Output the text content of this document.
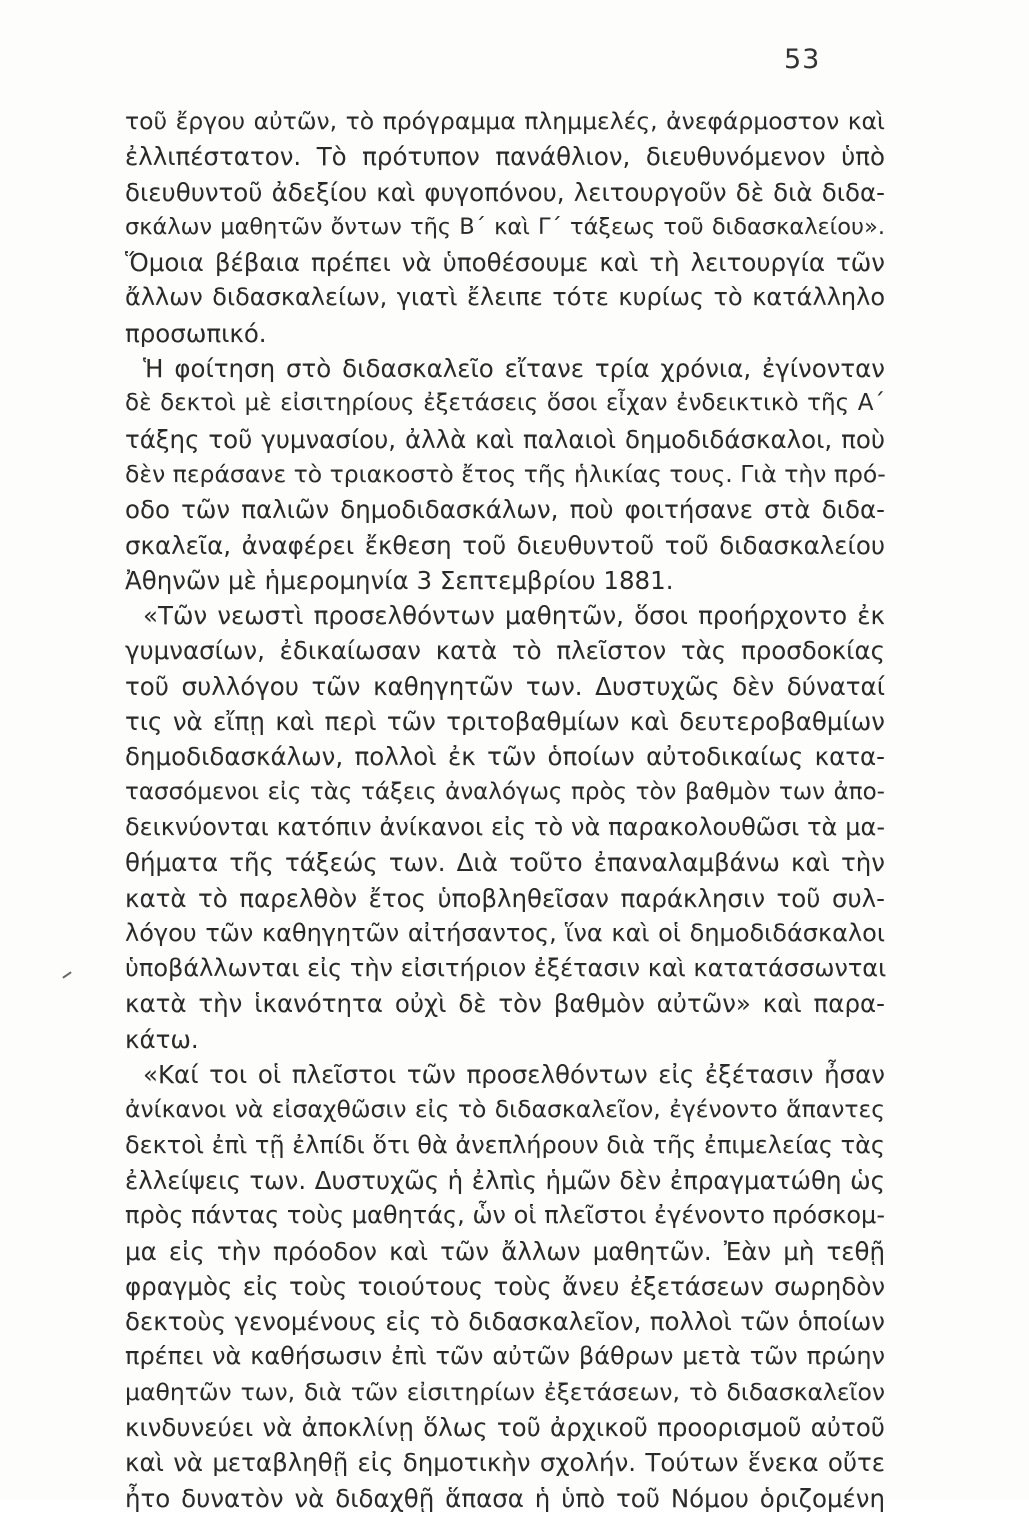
53
τοῦ ἔργου αὐτῶν, τὸ πρόγραμμα πλημμελές, ἀνεφάρμοστον καὶ
ἐλλιπέστατον. Τὸ πρότυπον πανάθλιον, διευθυνόμενον ὑπὸ
διευθυντοῦ ἀδεξίου καὶ φυγοπόνου, λειτουργοῦν δὲ διὰ διδα-
σκάλων μαθητῶν ὄντων τῆς Β΄ καὶ Γ΄ τάξεως τοῦ διδασκαλείου».
Ὅμοια βέβαια πρέπει νὰ ὑποθέσουμε καὶ τὴ λειτουργία τῶν
ἄλλων διδασκαλείων, γιατὶ ἔλειπε τότε κυρίως τὸ κατάλληλο
προσωπικό.
Ἡ φοίτηση στὸ διδασκαλεῖο εἴτανε τρία χρόνια, ἐγίνονταν
δὲ δεκτοὶ μὲ εἰσιτηρίους ἐξετάσεις ὅσοι εἶχαν ἐνδεικτικὸ τῆς Α΄
τάξης τοῦ γυμνασίου, ἀλλὰ καὶ παλαιοὶ δημοδιδάσκαλοι, ποὺ
δὲν περάσανε τὸ τριακοστὸ ἔτος τῆς ἡλικίας τους. Γιὰ τὴν πρό-
οδο τῶν παλιῶν δημοδιδασκάλων, ποὺ φοιτήσανε στὰ διδα-
σκαλεῖα, ἀναφέρει ἔκθεση τοῦ διευθυντοῦ τοῦ διδασκαλείου
Ἀθηνῶν μὲ ἡμερομηνία 3 Σεπτεμβρίου 1881.
«Τῶν νεωστὶ προσελθόντων μαθητῶν, ὅσοι προήρχοντο ἐκ
γυμνασίων, ἐδικαίωσαν κατὰ τὸ πλεῖστον τὰς προσδοκίας
τοῦ συλλόγου τῶν καθηγητῶν των. Δυστυχῶς δὲν δύναταί
τις νὰ εἴπῃ καὶ περὶ τῶν τριτοβαθμίων καὶ δευτεροβαθμίων
δημοδιδασκάλων, πολλοὶ ἐκ τῶν ὁποίων αὐτοδικαίως κατα-
τασσόμενοι εἰς τὰς τάξεις ἀναλόγως πρὸς τὸν βαθμὸν των ἀπο-
δεικνύονται κατόπιν ἀνίκανοι εἰς τὸ νὰ παρακολουθῶσι τὰ μα-
θήματα τῆς τάξεώς των. Διὰ τοῦτο ἐπαναλαμβάνω καὶ τὴν
κατὰ τὸ παρελθὸν ἔτος ὑποβληθεῖσαν παράκλησιν τοῦ συλ-
λόγου τῶν καθηγητῶν αἰτήσαντος, ἵνα καὶ οἱ δημοδιδάσκαλοι
ὑποβάλλωνται εἰς τὴν εἰσιτήριον ἐξέτασιν καὶ κατατάσσωνται
κατὰ τὴν ἱκανότητα οὐχὶ δὲ τὸν βαθμὸν αὐτῶν» καὶ παρα-
κάτω.
«Καί τοι οἱ πλεῖστοι τῶν προσελθόντων εἰς ἐξέτασιν ἦσαν
ἀνίκανοι νὰ εἰσαχθῶσιν εἰς τὸ διδασκαλεῖον, ἐγένοντο ἅπαντες
δεκτοὶ ἐπὶ τῇ ἐλπίδι ὅτι θὰ ἀνεπλήρουν διὰ τῆς ἐπιμελείας τὰς
ἐλλείψεις των. Δυστυχῶς ἡ ἐλπὶς ἡμῶν δὲν ἐπραγματώθη ὡς
πρὸς πάντας τοὺς μαθητάς, ὧν οἱ πλεῖστοι ἐγένοντο πρόσκομ-
μα εἰς τὴν πρόοδον καὶ τῶν ἄλλων μαθητῶν. Ἐὰν μὴ τεθῇ
φραγμὸς εἰς τοὺς τοιούτους τοὺς ἄνευ ἐξετάσεων σωρηδὸν
δεκτοὺς γενομένους εἰς τὸ διδασκαλεῖον, πολλοὶ τῶν ὁποίων
πρέπει νὰ καθήσωσιν ἐπὶ τῶν αὐτῶν βάθρων μετὰ τῶν πρώην
μαθητῶν των, διὰ τῶν εἰσιτηρίων ἐξετάσεων, τὸ διδασκαλεῖον
κινδυνεύει νὰ ἀποκλίνῃ ὅλως τοῦ ἀρχικοῦ προορισμοῦ αὐτοῦ
καὶ νὰ μεταβληθῇ εἰς δημοτικὴν σχολήν. Τούτων ἕνεκα οὔτε
ἦτο δυνατὸν νὰ διδαχθῇ ἅπασα ἡ ὑπὸ τοῦ Νόμου ὁριζομένη
